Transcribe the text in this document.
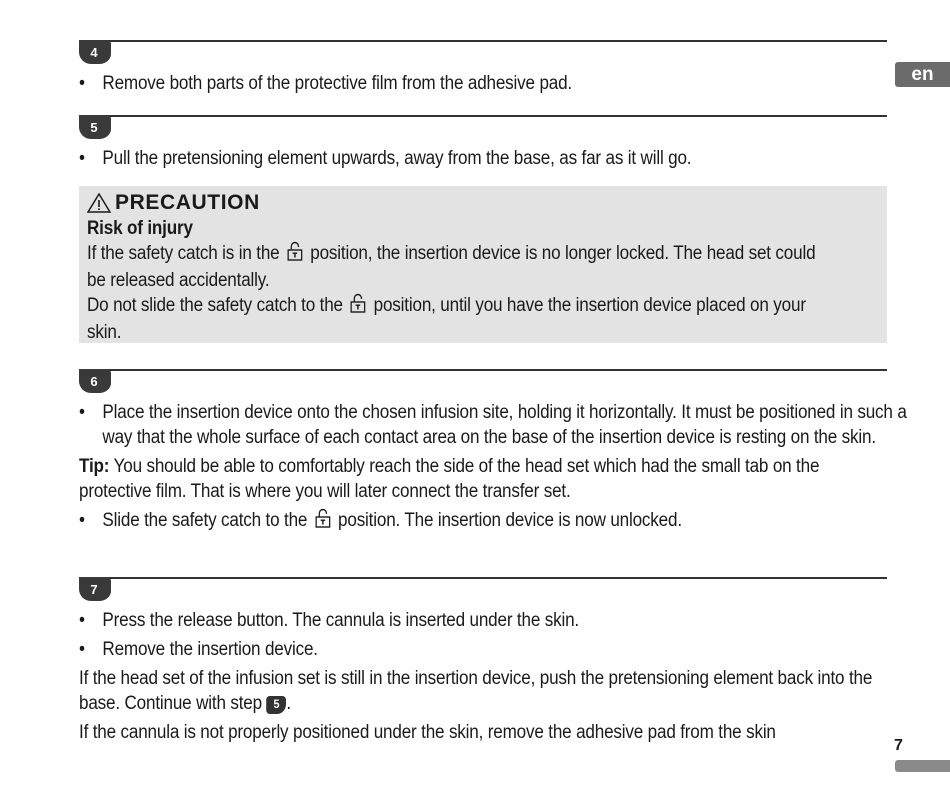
en
4
• Remove both parts of the protective film from the adhesive pad.
5
• Pull the pretensioning element upwards, away from the base, as far as it will go.
PRECAUTION
Risk of injury
If the safety catch is in the position, the insertion device is no longer locked. The head set could be released accidentally.
Do not slide the safety catch to the position, until you have the insertion device placed on your skin.
6
• Place the insertion device onto the chosen infusion site, holding it horizontally. It must be positioned in such a way that the whole surface of each contact area on the base of the insertion device is resting on the skin.
Tip: You should be able to comfortably reach the side of the head set which had the small tab on the protective film. That is where you will later connect the transfer set.
• Slide the safety catch to the position. The insertion device is now unlocked.
7
• Press the release button. The cannula is inserted under the skin.
• Remove the insertion device.
If the head set of the infusion set is still in the insertion device, push the pretensioning element back into the base. Continue with step 5 .
If the cannula is not properly positioned under the skin, remove the adhesive pad from the skin
7
